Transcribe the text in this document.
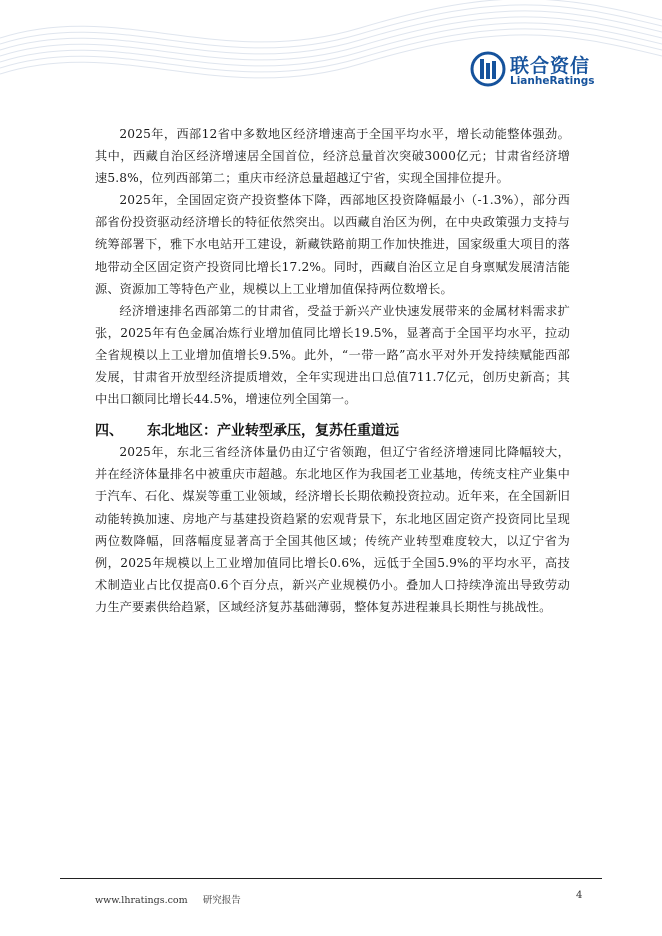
联合资信
LianheRatings

2025年，西部12省中多数地区经济增速高于全国平均水平，增长动能整体强劲。其中，西藏自治区经济增速居全国首位，经济总量首次突破3000亿元；甘肃省经济增速5.8%，位列西部第二；重庆市经济总量超越辽宁省，实现全国排位提升。

2025年，全国固定资产投资整体下降，西部地区投资降幅最小（-1.3%），部分西部省份投资驱动经济增长的特征依然突出。以西藏自治区为例，在中央政策强力支持与统筹部署下，雅下水电站开工建设，新藏铁路前期工作加快推进，国家级重大项目的落地带动全区固定资产投资同比增长17.2%。同时，西藏自治区立足自身禀赋发展清洁能源、资源加工等特色产业，规模以上工业增加值保持两位数增长。

经济增速排名西部第二的甘肃省，受益于新兴产业快速发展带来的金属材料需求扩张，2025年有色金属冶炼行业增加值同比增长19.5%，显著高于全国平均水平，拉动全省规模以上工业增加值增长9.5%。此外，“一带一路”高水平对外开发持续赋能西部发展，甘肃省开放型经济提质增效，全年实现进出口总值711.7亿元，创历史新高；其中出口额同比增长44.5%，增速位列全国第一。

四、 东北地区：产业转型承压，复苏任重道远

2025年，东北三省经济体量仍由辽宁省领跑，但辽宁省经济增速同比降幅较大，并在经济体量排名中被重庆市超越。东北地区作为我国老工业基地，传统支柱产业集中于汽车、石化、煤炭等重工业领域，经济增长长期依赖投资拉动。近年来，在全国新旧动能转换加速、房地产与基建投资趋紧的宏观背景下，东北地区固定资产投资同比呈现两位数降幅，回落幅度显著高于全国其他区域；传统产业转型难度较大，以辽宁省为例，2025年规模以上工业增加值同比增长0.6%，远低于全国5.9%的平均水平，高技术制造业占比仅提高0.6个百分点，新兴产业规模仍小。叠加人口持续净流出导致劳动力生产要素供给趋紧，区域经济复苏基础薄弱，整体复苏进程兼具长期性与挑战性。

www.lhratings.com 研究报告	4
